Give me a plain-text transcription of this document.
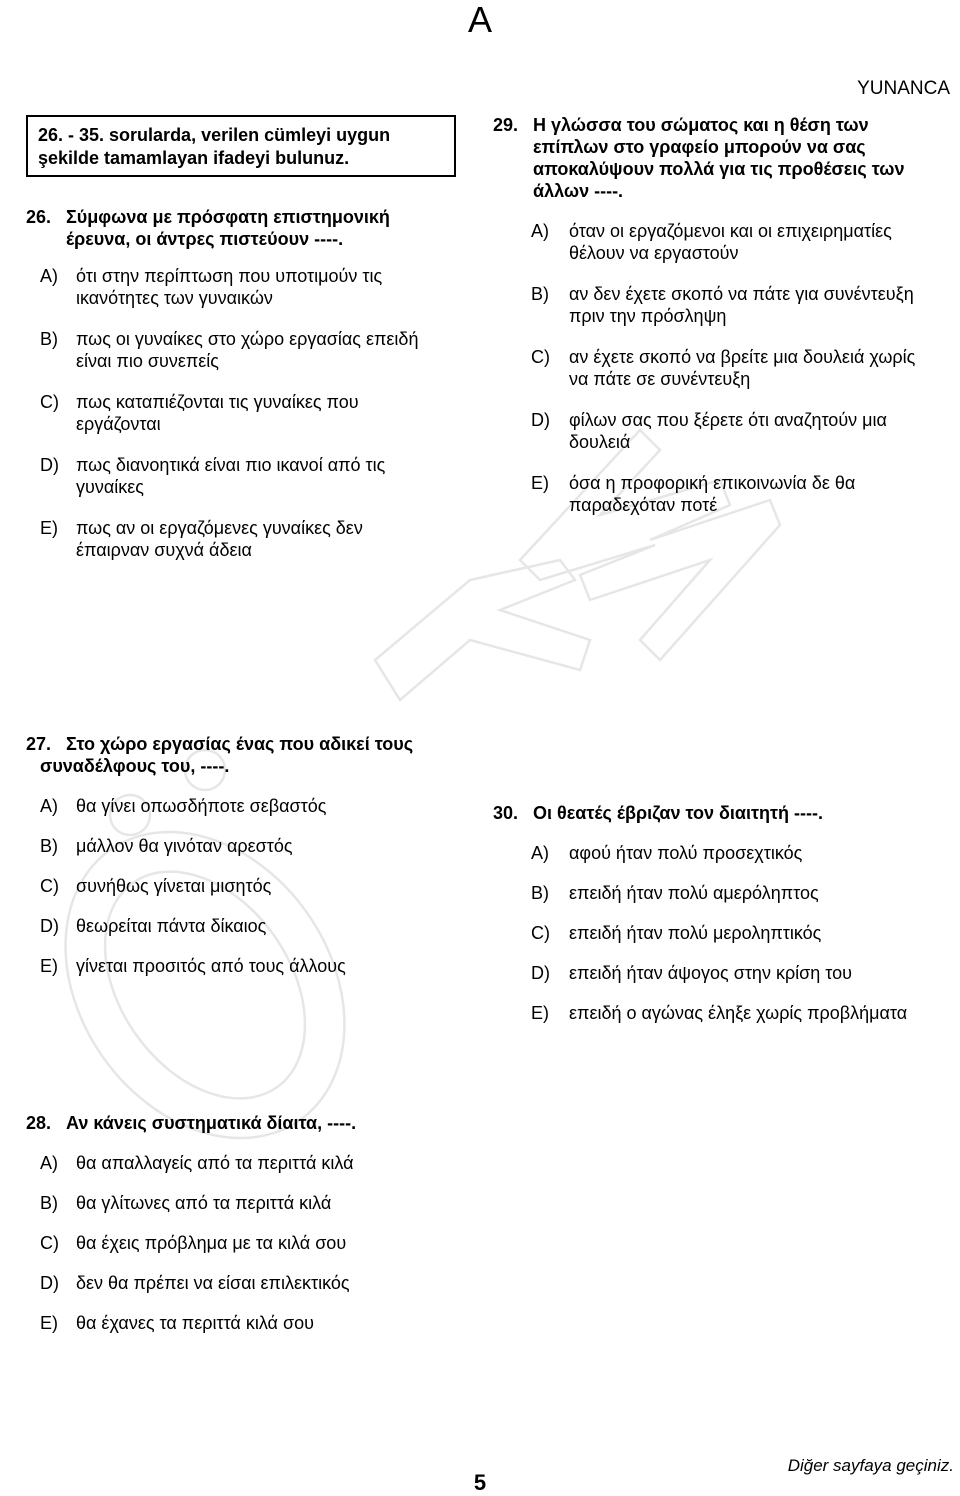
A
YUNANCA
26. - 35. sorularda, verilen cümleyi uygun şekilde tamamlayan ifadeyi bulunuz.
26. Σύμφωνα με πρόσφατη επιστημονική
έρευνα, οι άντρες πιστεύουν ----.
A) ότι στην περίπτωση που υποτιμούν τις
ικανότητες των γυναικών
B) πως οι γυναίκες στο χώρο εργασίας επειδή
είναι πιο συνεπείς
C) πως καταπιέζονται τις γυναίκες που
εργάζονται
D) πως διανοητικά είναι πιο ικανοί από τις
γυναίκες
E) πως αν οι εργαζόμενες γυναίκες δεν
έπαιρναν συχνά άδεια
29. Η γλώσσα του σώματος και η θέση των
επίπλων στο γραφείο μπορούν να σας
αποκαλύψουν πολλά για τις προθέσεις των
άλλων ----.
A) όταν οι εργαζόμενοι και οι επιχειρηματίες
θέλουν να εργαστούν
B) αν δεν έχετε σκοπό να πάτε για συνέντευξη
πριν την πρόσληψη
C) αν έχετε σκοπό να βρείτε μια δουλειά χωρίς
να πάτε σε συνέντευξη
D) φίλων σας που ξέρετε ότι αναζητούν μια
δουλειά
E) όσα η προφορική επικοινωνία δε θα
παραδεχόταν ποτέ
27. Στο χώρο εργασίας ένας που αδικεί τους
συναδέλφους του, ----.
A) θα γίνει οπωσδήποτε σεβαστός
B) μάλλον θα γινόταν αρεστός
C) συνήθως γίνεται μισητός
D) θεωρείται πάντα δίκαιος
E) γίνεται προσιτός από τους άλλους
30. Οι θεατές έβριζαν τον διαιτητή ----.
A) αφού ήταν πολύ προσεχτικός
B) επειδή ήταν πολύ αμερόληπτος
C) επειδή ήταν πολύ μεροληπτικός
D) επειδή ήταν άψογος στην κρίση του
E) επειδή ο αγώνας έληξε χωρίς προβλήματα
28. Αν κάνεις συστηματικά δίαιτα, ----.
A) θα απαλλαγείς από τα περιττά κιλά
B) θα γλίτωνες από τα περιττά κιλά
C) θα έχεις πρόβλημα με τα κιλά σου
D) δεν θα πρέπει να είσαι επιλεκτικός
E) θα έχανες τα περιττά κιλά σου
Diğer sayfaya geçiniz.
5
